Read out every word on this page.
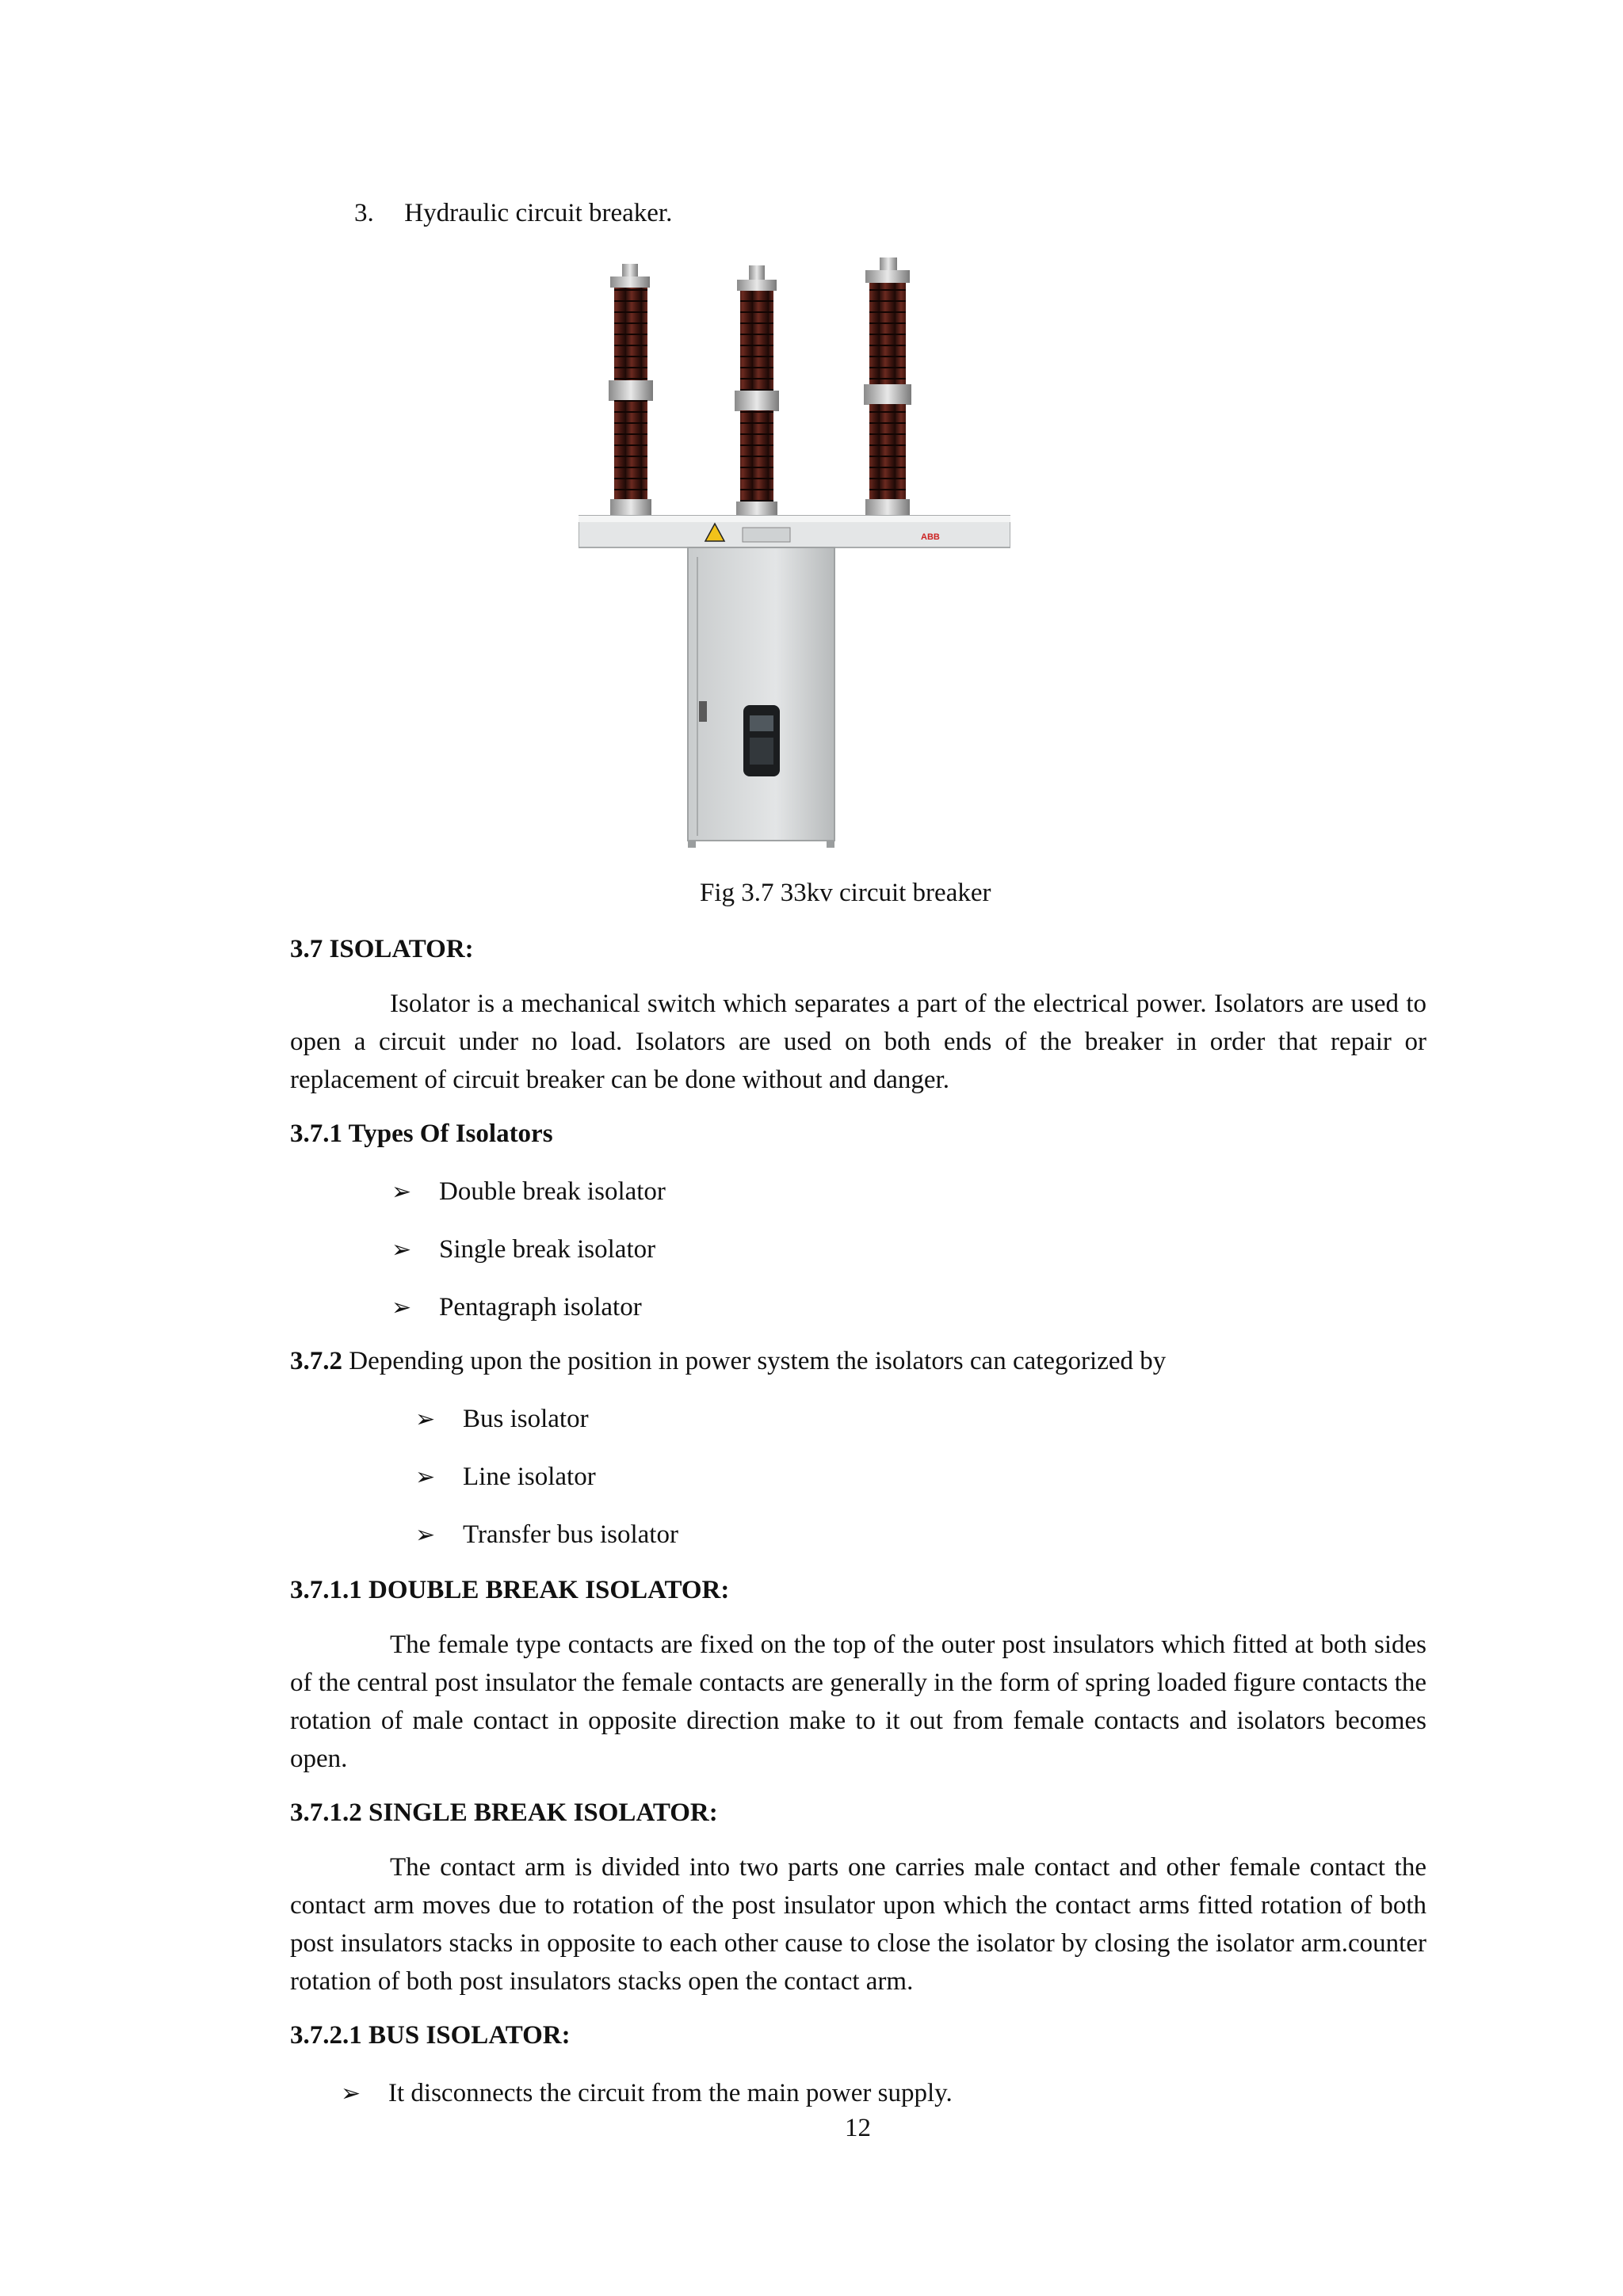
3. Hydraulic circuit breaker.
ABB
Fig 3.7 33kv circuit breaker
3.7 ISOLATOR:
Isolator is a mechanical switch which separates a part of the electrical power. Isolators are used to open a circuit under no load. Isolators are used on both ends of the breaker in order that repair or replacement of circuit breaker can be done without and danger.
3.7.1 Types Of Isolators
➢ Double break isolator
➢ Single break isolator
➢ Pentagraph isolator
3.7.2 Depending upon the position in power system the isolators can categorized by
➢ Bus isolator
➢ Line isolator
➢ Transfer bus isolator
3.7.1.1 DOUBLE BREAK ISOLATOR:
The female type contacts are fixed on the top of the outer post insulators which fitted at both sides of the central post insulator the female contacts are generally in the form of spring loaded figure contacts the rotation of male contact in opposite direction make to it out from female contacts and isolators becomes open.
3.7.1.2 SINGLE BREAK ISOLATOR:
The contact arm is divided into two parts one carries male contact and other female contact the contact arm moves due to rotation of the post insulator upon which the contact arms fitted rotation of both post insulators stacks in opposite to each other cause to close the isolator by closing the isolator arm.counter rotation of both post insulators stacks open the contact arm.
3.7.2.1 BUS ISOLATOR:
➢ It disconnects the circuit from the main power supply.
12
